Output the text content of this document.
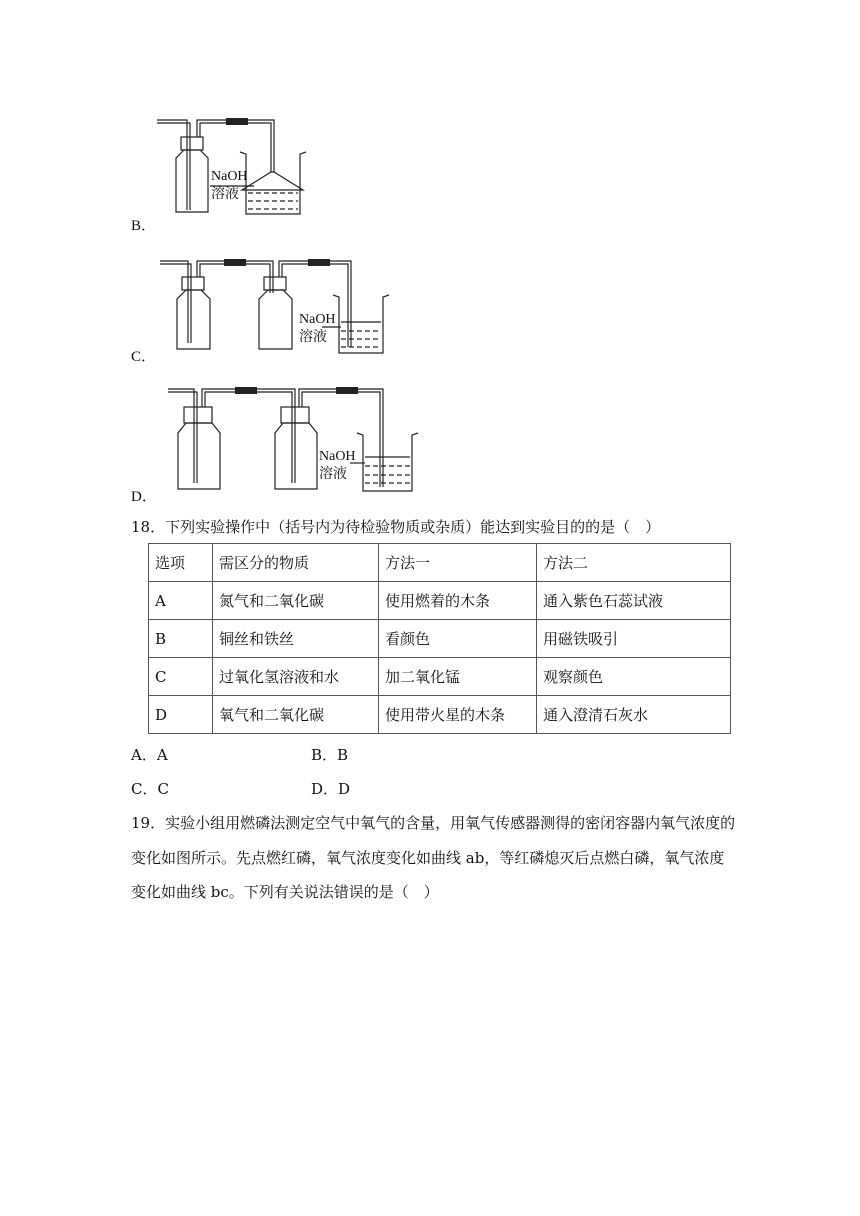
NaOH
溶液
B．
NaOH
溶液
C．
NaOH
溶液
D．
18．下列实验操作中（括号内为待检验物质或杂质）能达到实验目的的是（　）
选项	需区分的物质	方法一	方法二
A	氮气和二氧化碳	使用燃着的木条	通入紫色石蕊试液
B	铜丝和铁丝	看颜色	用磁铁吸引
C	过氧化氢溶液和水	加二氧化锰	观察颜色
D	氧气和二氧化碳	使用带火星的木条	通入澄清石灰水
A．A	B．B
C．C	D．D
19．实验小组用燃磷法测定空气中氧气的含量，用氧气传感器测得的密闭容器内氧气浓度的
变化如图所示。先点燃红磷，氧气浓度变化如曲线 ab，等红磷熄灭后点燃白磷，氧气浓度
变化如曲线 bc。下列有关说法错误的是（　）
